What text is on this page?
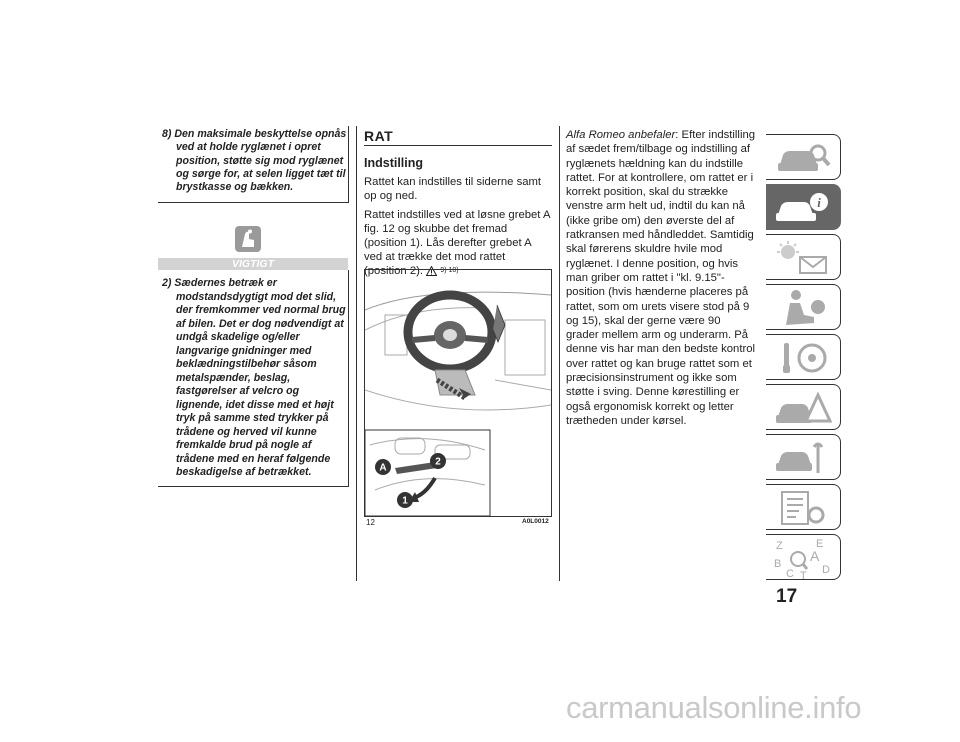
8) Den maksimale beskyttelse opnås
ved at holde ryglænet i opret position, støtte sig mod ryglænet og sørge for, at selen ligget tæt til brystkasse og bækken.
VIGTIGT
2) Sædernes betræk er
modstandsdygtigt mod det slid, der fremkommer ved normal brug af bilen. Det er dog nødvendigt at undgå skadelige og/eller langvarige gnidninger med beklædningstilbehør såsom metalspænder, beslag, fastgørelser af velcro og lignende, idet disse med et højt tryk på samme sted trykker på trådene og herved vil kunne fremkalde brud på nogle af trådene med en heraf følgende beskadigelse af betrækket.
RAT
Indstilling
Rattet kan indstilles til siderne samt op og ned.
Rattet indstilles ved at løsne grebet A fig. 12 og skubbe det fremad (position 1). Lås derefter grebet A ved at trække det mod rattet (position 2). 9) 10)
A
2
1
12	A0L0012
Alfa Romeo anbefaler: Efter indstilling af sædet frem/tilbage og indstilling af ryglænets hældning kan du indstille rattet. For at kontrollere, om rattet er i korrekt position, skal du strække venstre arm helt ud, indtil du kan nå (ikke gribe om) den øverste del af ratkransen med håndleddet. Samtidig skal førerens skuldre hvile mod ryglænet. I denne position, og hvis man griber om rattet i "kl. 9.15"-position (hvis hænderne placeres på rattet, som om urets visere stod på 9 og 15), skal der gerne være 90 grader mellem arm og underarm. På denne vis har man den bedste kontrol over rattet og kan bruge rattet som et præcisionsinstrument og ikke som støtte i sving. Denne kørestilling er også ergonomisk korrekt og letter trætheden under kørsel.
i
Z	E
A
B
C	D
T
17
carmanualsonline.info
